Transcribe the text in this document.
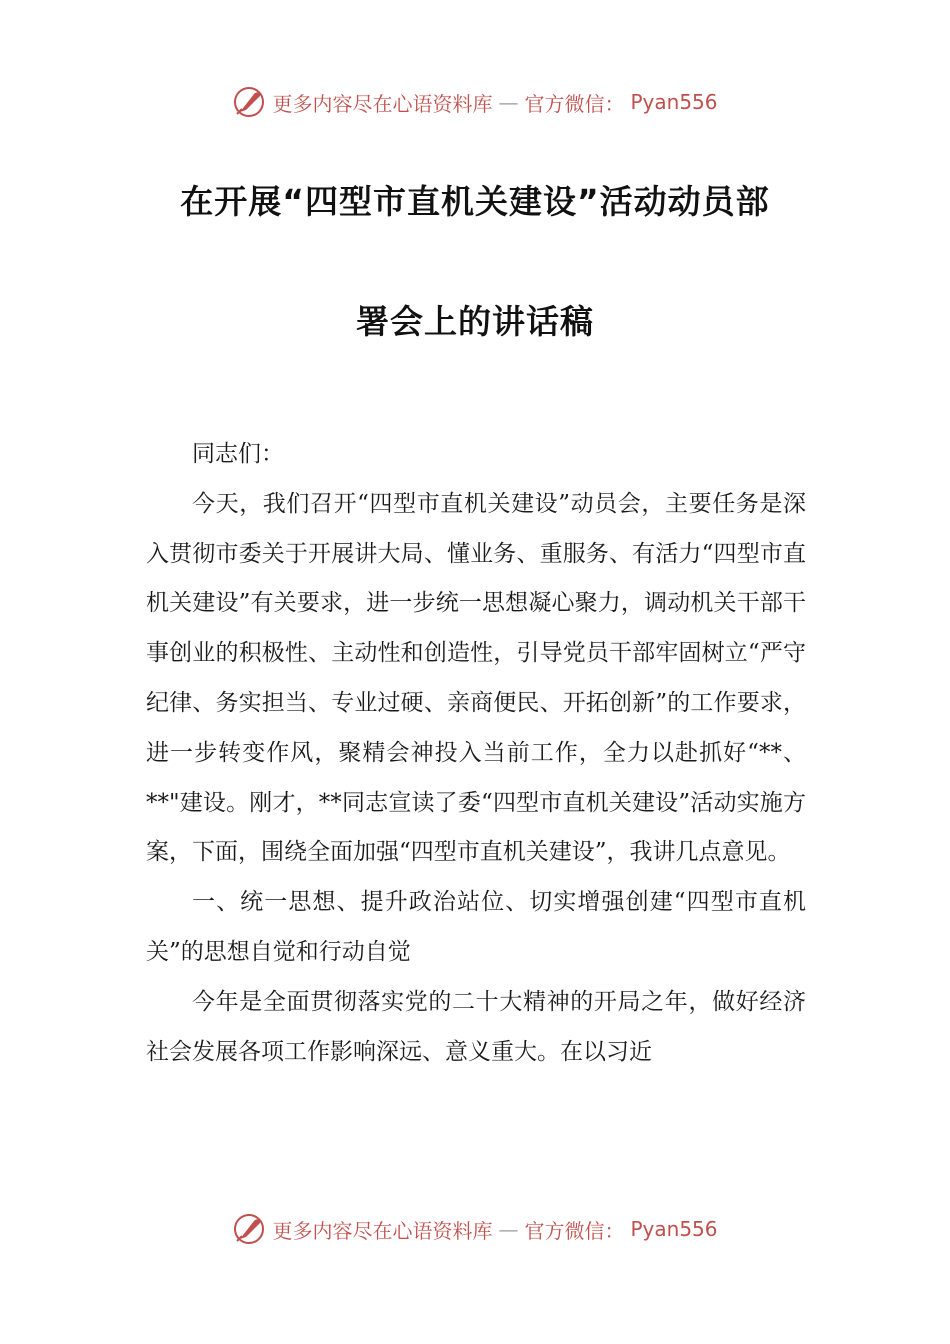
更多内容尽在心语资料库 — 官方微信： Pyan556
在开展“四型市直机关建设”活动动员部
署会上的讲话稿

同志们：

今天，我们召开“四型市直机关建设”动员会，主要任务是深入贯彻市委关于开展讲大局、懂业务、重服务、有活力“四型市直机关建设”有关要求，进一步统一思想凝心聚力，调动机关干部干事创业的积极性、主动性和创造性，引导党员干部牢固树立“严守纪律、务实担当、专业过硬、亲商便民、开拓创新”的工作要求，进一步转变作风，聚精会神投入当前工作，全力以赴抓好“**、**"建设。刚才，**同志宣读了委“四型市直机关建设”活动实施方案，下面，围绕全面加强“四型市直机关建设”，我讲几点意见。

一、统一思想、提升政治站位、切实增强创建“四型市直机关”的思想自觉和行动自觉

今年是全面贯彻落实党的二十大精神的开局之年，做好经济社会发展各项工作影响深远、意义重大。在以习近

更多内容尽在心语资料库 — 官方微信： Pyan556
